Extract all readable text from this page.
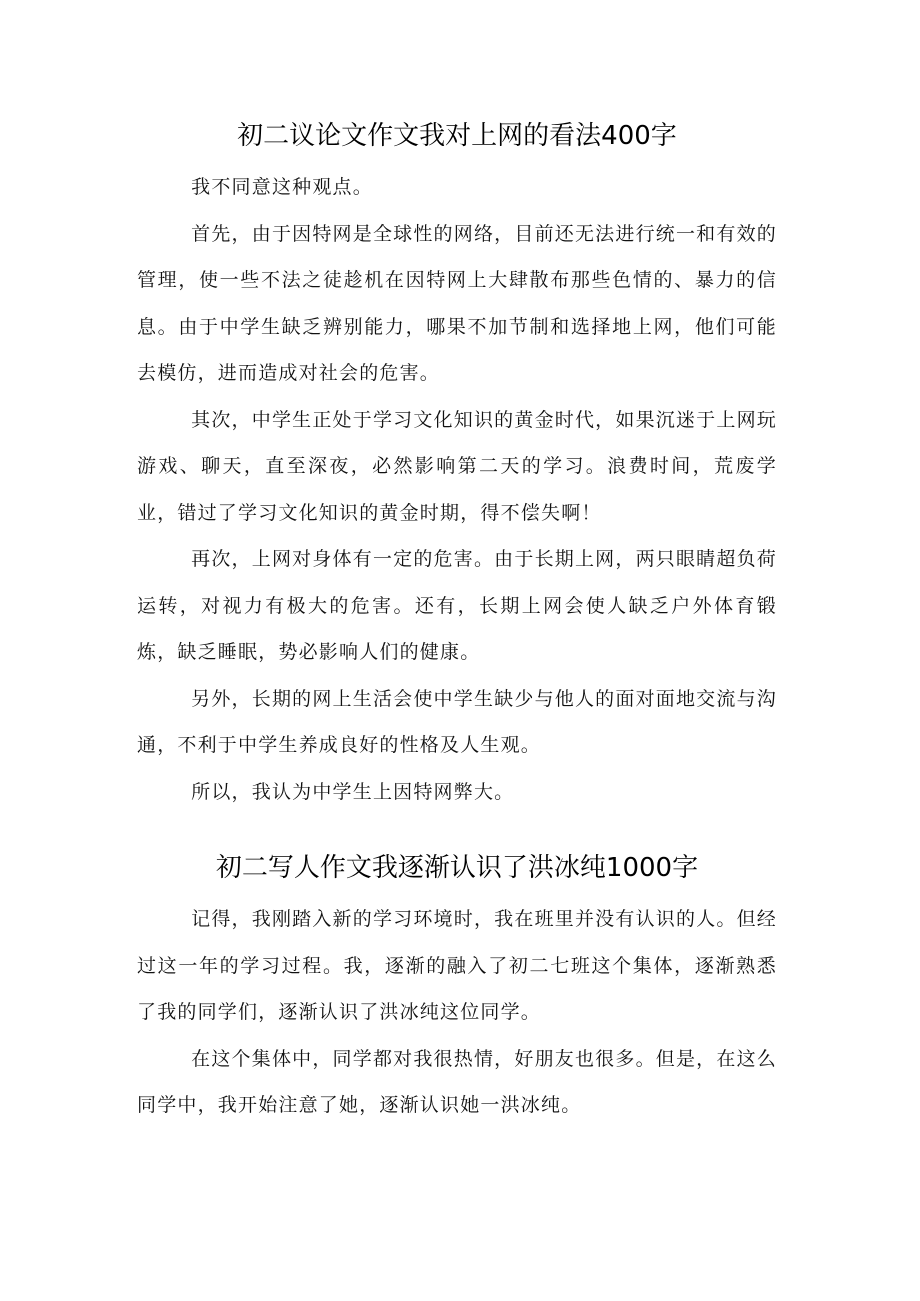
初二议论文作文我对上网的看法400字

我不同意这种观点。

首先，由于因特网是全球性的网络，目前还无法进行统一和有效的管理，使一些不法之徒趁机在因特网上大肆散布那些色情的、暴力的信息。由于中学生缺乏辨别能力，哪果不加节制和选择地上网，他们可能去模仿，进而造成对社会的危害。

其次，中学生正处于学习文化知识的黄金时代，如果沉迷于上网玩游戏、聊天，直至深夜，必然影响第二天的学习。浪费时间，荒废学业，错过了学习文化知识的黄金时期，得不偿失啊！

再次，上网对身体有一定的危害。由于长期上网，两只眼睛超负荷运转，对视力有极大的危害。还有，长期上网会使人缺乏户外体育锻炼，缺乏睡眠，势必影响人们的健康。

另外，长期的网上生活会使中学生缺少与他人的面对面地交流与沟通，不利于中学生养成良好的性格及人生观。

所以，我认为中学生上因特网弊大。

初二写人作文我逐渐认识了洪冰纯1000字

记得，我刚踏入新的学习环境时，我在班里并没有认识的人。但经过这一年的学习过程。我，逐渐的融入了初二七班这个集体，逐渐熟悉了我的同学们，逐渐认识了洪冰纯这位同学。

在这个集体中，同学都对我很热情，好朋友也很多。但是，在这么同学中，我开始注意了她，逐渐认识她一洪冰纯。
